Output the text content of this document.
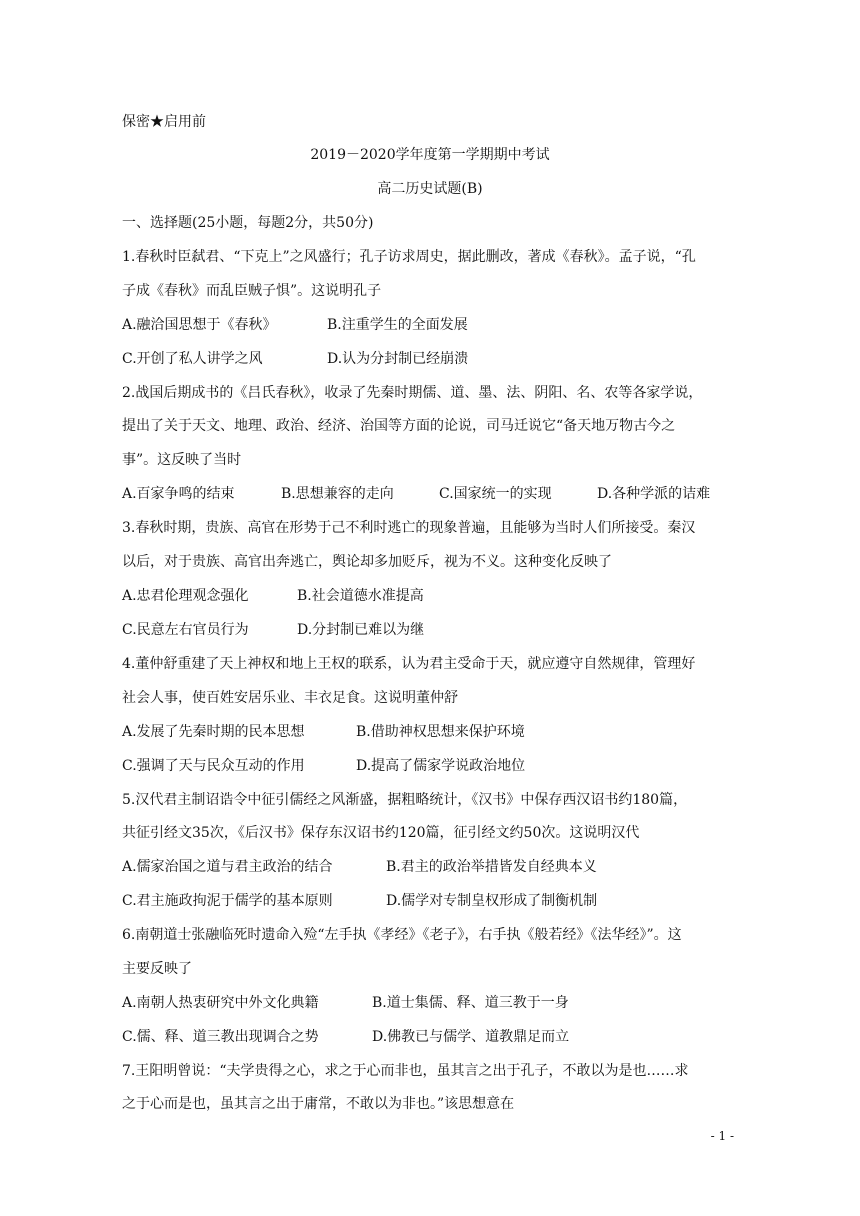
保密★启用前
2019－2020学年度第一学期期中考试
高二历史试题(B)
一、选择题(25小题，每题2分，共50分)
1.春秋时臣弑君、“下克上”之风盛行；孔子访求周史，据此删改，著成《春秋》。孟子说，“孔
子成《春秋》而乱臣贼子惧”。这说明孔子
A.融洽国思想于《春秋》	B.注重学生的全面发展
C.开创了私人讲学之风	D.认为分封制已经崩溃
2.战国后期成书的《吕氏春秋》，收录了先秦时期儒、道、墨、法、阴阳、名、农等各家学说，
提出了关于天文、地理、政治、经济、治国等方面的论说，司马迁说它“备天地万物古今之
事”。这反映了当时
A.百家争鸣的结束	B.思想兼容的走向	C.国家统一的实现	D.各种学派的诘难
3.春秋时期，贵族、高官在形势于己不利时逃亡的现象普遍，且能够为当时人们所接受。秦汉
以后，对于贵族、高官出奔逃亡，舆论却多加贬斥，视为不义。这种变化反映了
A.忠君伦理观念强化	B.社会道德水准提高
C.民意左右官员行为	D.分封制已难以为继
4.董仲舒重建了天上神权和地上王权的联系，认为君主受命于天，就应遵守自然规律，管理好
社会人事，使百姓安居乐业、丰衣足食。这说明董仲舒
A.发展了先秦时期的民本思想	B.借助神权思想来保护环境
C.强调了天与民众互动的作用	D.提高了儒家学说政治地位
5.汉代君主制诏诰令中征引儒经之风渐盛，据粗略统计，《汉书》中保存西汉诏书约180篇，
共征引经文35次，《后汉书》保存东汉诏书约120篇，征引经文约50次。这说明汉代
A.儒家治国之道与君主政治的结合	B.君主的政治举措皆发自经典本义
C.君主施政拘泥于儒学的基本原则	D.儒学对专制皇权形成了制衡机制
6.南朝道士张融临死时遗命入殓“左手执《孝经》《老子》，右手执《般若经》《法华经》”。这
主要反映了
A.南朝人热衷研究中外文化典籍	B.道士集儒、释、道三教于一身
C.儒、释、道三教出现调合之势	D.佛教已与儒学、道教鼎足而立
7.王阳明曾说：“夫学贵得之心，求之于心而非也，虽其言之出于孔子，不敢以为是也……求
之于心而是也，虽其言之出于庸常，不敢以为非也。”该思想意在
- 1 -
